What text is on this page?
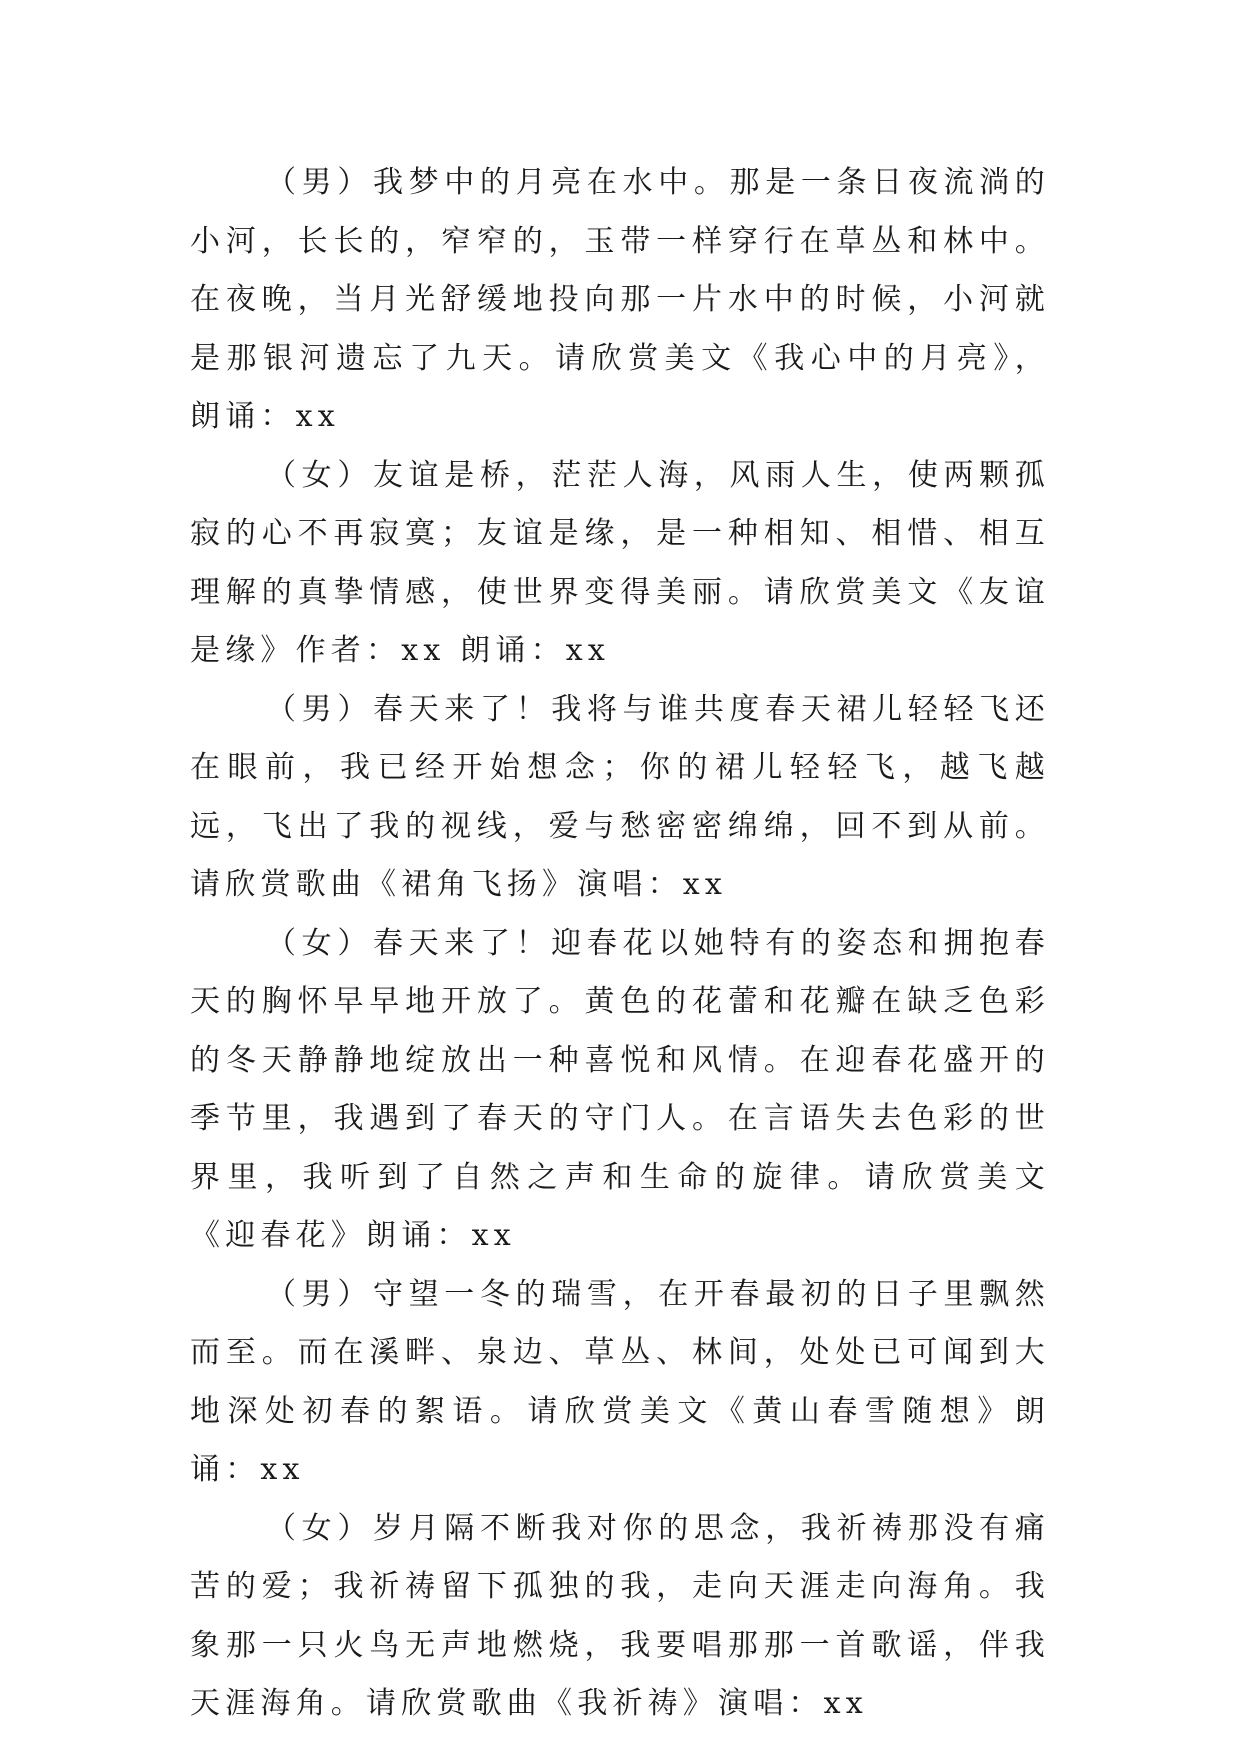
（男）我梦中的月亮在水中。那是一条日夜流淌的小河，长长的，窄窄的，玉带一样穿行在草丛和林中。在夜晚，当月光舒缓地投向那一片水中的时候，小河就是那银河遗忘了九天。请欣赏美文《我心中的月亮》，朗诵：xx

（女）友谊是桥，茫茫人海，风雨人生，使两颗孤寂的心不再寂寞；友谊是缘，是一种相知、相惜、相互理解的真挚情感，使世界变得美丽。请欣赏美文《友谊是缘》作者：xx 朗诵：xx

（男）春天来了！我将与谁共度春天裙儿轻轻飞还在眼前，我已经开始想念；你的裙儿轻轻飞，越飞越远，飞出了我的视线，爱与愁密密绵绵，回不到从前。请欣赏歌曲《裙角飞扬》演唱：xx

（女）春天来了！迎春花以她特有的姿态和拥抱春天的胸怀早早地开放了。黄色的花蕾和花瓣在缺乏色彩的冬天静静地绽放出一种喜悦和风情。在迎春花盛开的季节里，我遇到了春天的守门人。在言语失去色彩的世界里，我听到了自然之声和生命的旋律。请欣赏美文《迎春花》朗诵：xx

（男）守望一冬的瑞雪，在开春最初的日子里飘然而至。而在溪畔、泉边、草丛、林间，处处已可闻到大地深处初春的絮语。请欣赏美文《黄山春雪随想》朗诵：xx

（女）岁月隔不断我对你的思念，我祈祷那没有痛苦的爱；我祈祷留下孤独的我，走向天涯走向海角。我象那一只火鸟无声地燃烧，我要唱那那一首歌谣，伴我天涯海角。请欣赏歌曲《我祈祷》演唱：xx
